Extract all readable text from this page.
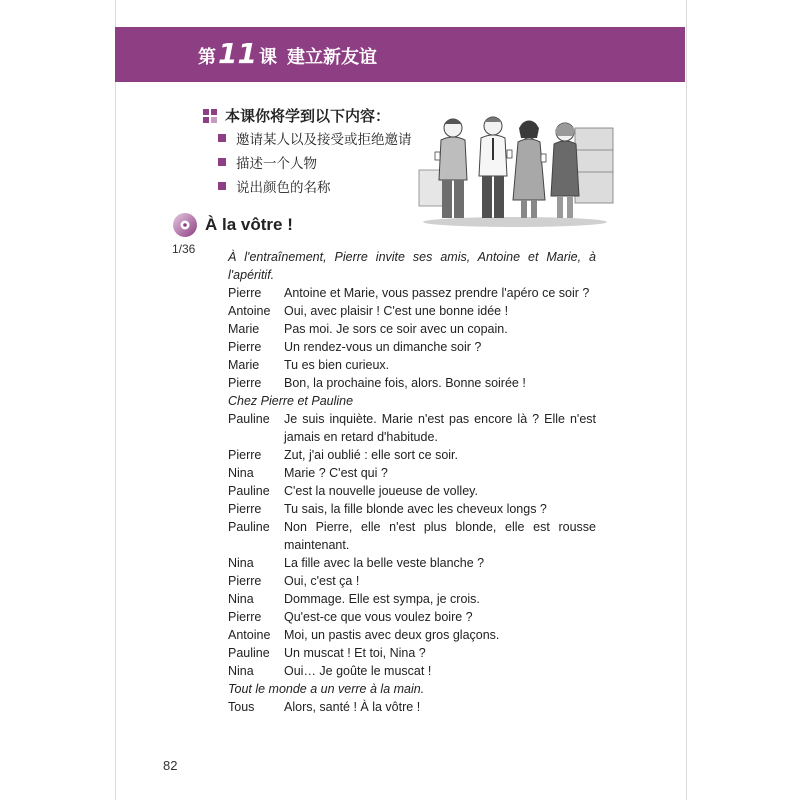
第 11 课 建立新友谊
本课你将学到以下内容：
邀请某人以及接受或拒绝邀请
描述一个人物
说出颜色的名称
À la vôtre !
1/36
À l'entraînement, Pierre invite ses amis, Antoine et Marie, à l'apéritif.
Pierre	Antoine et Marie, vous passez prendre l'apéro ce soir ?
Antoine	Oui, avec plaisir ! C'est une bonne idée !
Marie	Pas moi. Je sors ce soir avec un copain.
Pierre	Un rendez-vous un dimanche soir ?
Marie	Tu es bien curieux.
Pierre	Bon, la prochaine fois, alors. Bonne soirée !
Chez Pierre et Pauline
Pauline	Je suis inquiète. Marie n'est pas encore là ? Elle n'est jamais en retard d'habitude.
Pierre	Zut, j'ai oublié : elle sort ce soir.
Nina	Marie ? C'est qui ?
Pauline	C'est la nouvelle joueuse de volley.
Pierre	Tu sais, la fille blonde avec les cheveux longs ?
Pauline	Non Pierre, elle n'est plus blonde, elle est rousse maintenant.
Nina	La fille avec la belle veste blanche ?
Pierre	Oui, c'est ça !
Nina	Dommage. Elle est sympa, je crois.
Pierre	Qu'est-ce que vous voulez boire ?
Antoine	Moi, un pastis avec deux gros glaçons.
Pauline	Un muscat ! Et toi, Nina ?
Nina	Oui… Je goûte le muscat !
Tout le monde a un verre à la main.
Tous	Alors, santé ! À la vôtre !
82
